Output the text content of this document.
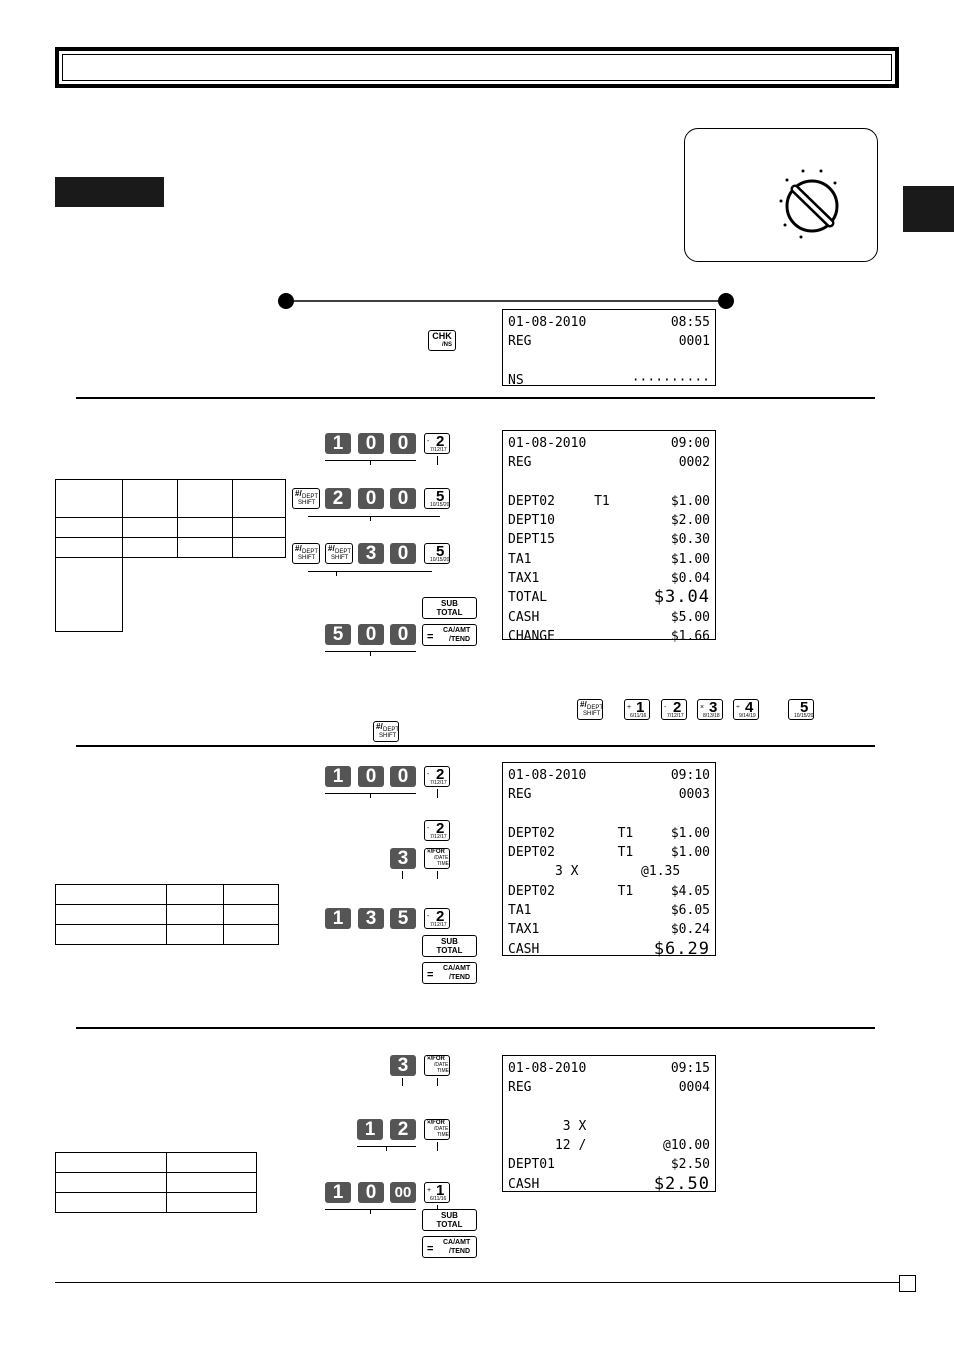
01-08-2010	08:55
REG	0001
NS	··········
01-08-2010	09:00
REG	0002
DEPT02     T1	$1.00
DEPT10	$2.00
DEPT15	$0.30
TA1	$1.00
TAX1	$0.04
TOTAL	$3.04
CASH	$5.00
CHANGE	$1.66
01-08-2010	09:10
REG	0003
DEPT02        T1	$1.00
DEPT02        T1	$1.00
3 X        @1.35
DEPT02        T1	$4.05
TA1	$6.05
TAX1	$0.24
CASH	$6.29
01-08-2010	09:15
REG	0004
3 X
12 /	@10.00
DEPT01	$2.50
CASH	$2.50

CHK
/NS
1	0	0	2
-
7/12/17
#/ DEPT
SHIFT 2	0	0	5
10/15/20
#/ DEPT
SHIFT
#/ DEPT
SHIFT 3	0	5
10/15/20
SUB
TOTAL
5	0	0	=
CA/AMT
/TEND
#/ DEPT
SHIFT 1
+
6/11/16 2
-
7/12/17 3
×
8/13/18 4
÷
9/14/19	5
10/15/20
#/ DEPT
SHIFT
1	0	0	2
-
7/12/17
2
-
7/12/17
3	×/FOR
/DATE
TIME
1	3	5	2
-
7/12/17
SUB
TOTAL
=
CA/AMT
/TEND
3	×/FOR
/DATE
TIME
1	2	×/FOR
/DATE
TIME
1	0	00	1
+
6/11/16
SUB
TOTAL
=
CA/AMT
/TEND
